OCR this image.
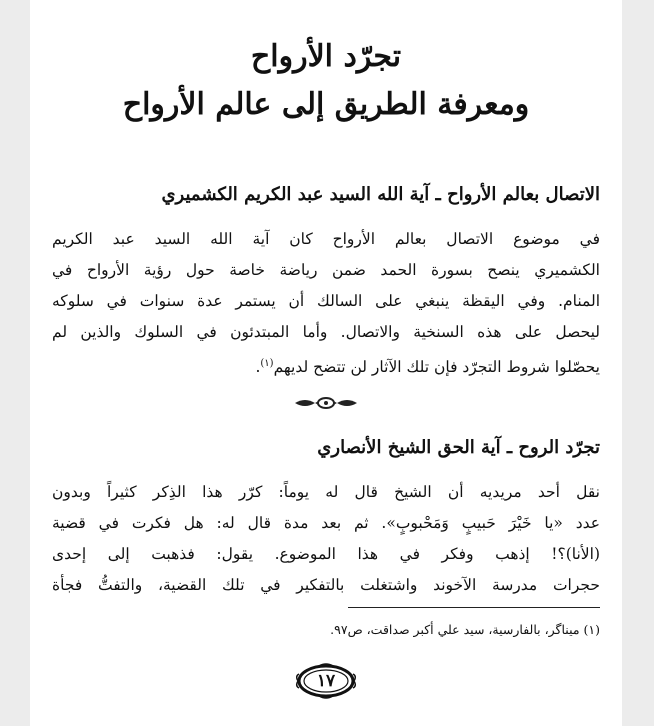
تجرّد الأرواح
ومعرفة الطريق إلى عالم الأرواح
الاتصال بعالم الأرواح ـ آية الله السيد عبد الكريم الكشميري
في موضوع الاتصال بعالم الأرواح كان آية الله السيد عبد الكريم
الكشميري ينصح بسورة الحمد ضمن رياضة خاصة حول رؤية الأرواح في
المنام. وفي اليقظة ينبغي على السالك أن يستمر عدة سنوات في سلوكه
ليحصل على هذه السنخية والاتصال. وأما المبتدئون في السلوك والذين لم
يحصّلوا شروط التجرّد فإن تلك الآثار لن تتضح لديهم$^{(١)}$.
تجرّد الروح ـ آية الحق الشيخ الأنصاري
نقل أحد مريديه أن الشيخ قال له يوماً: كرّر هذا الذِكر كثيراً وبدون
عدد «يا خَيْرَ حَبيبٍ وَمَحْبوبٍ». ثم بعد مدة قال له: هل فكرت في قضية
(الأنا)؟! إذهب وفكر في هذا الموضوع. يقول: فذهبت إلى إحدى
حجرات مدرسة الآخوند واشتغلت بالتفكير في تلك القضية، والتفتُّ فجأة
(١) ميناگر، بالفارسية، سيد علي أكبر صداقت، ص٩٧.
١٧
